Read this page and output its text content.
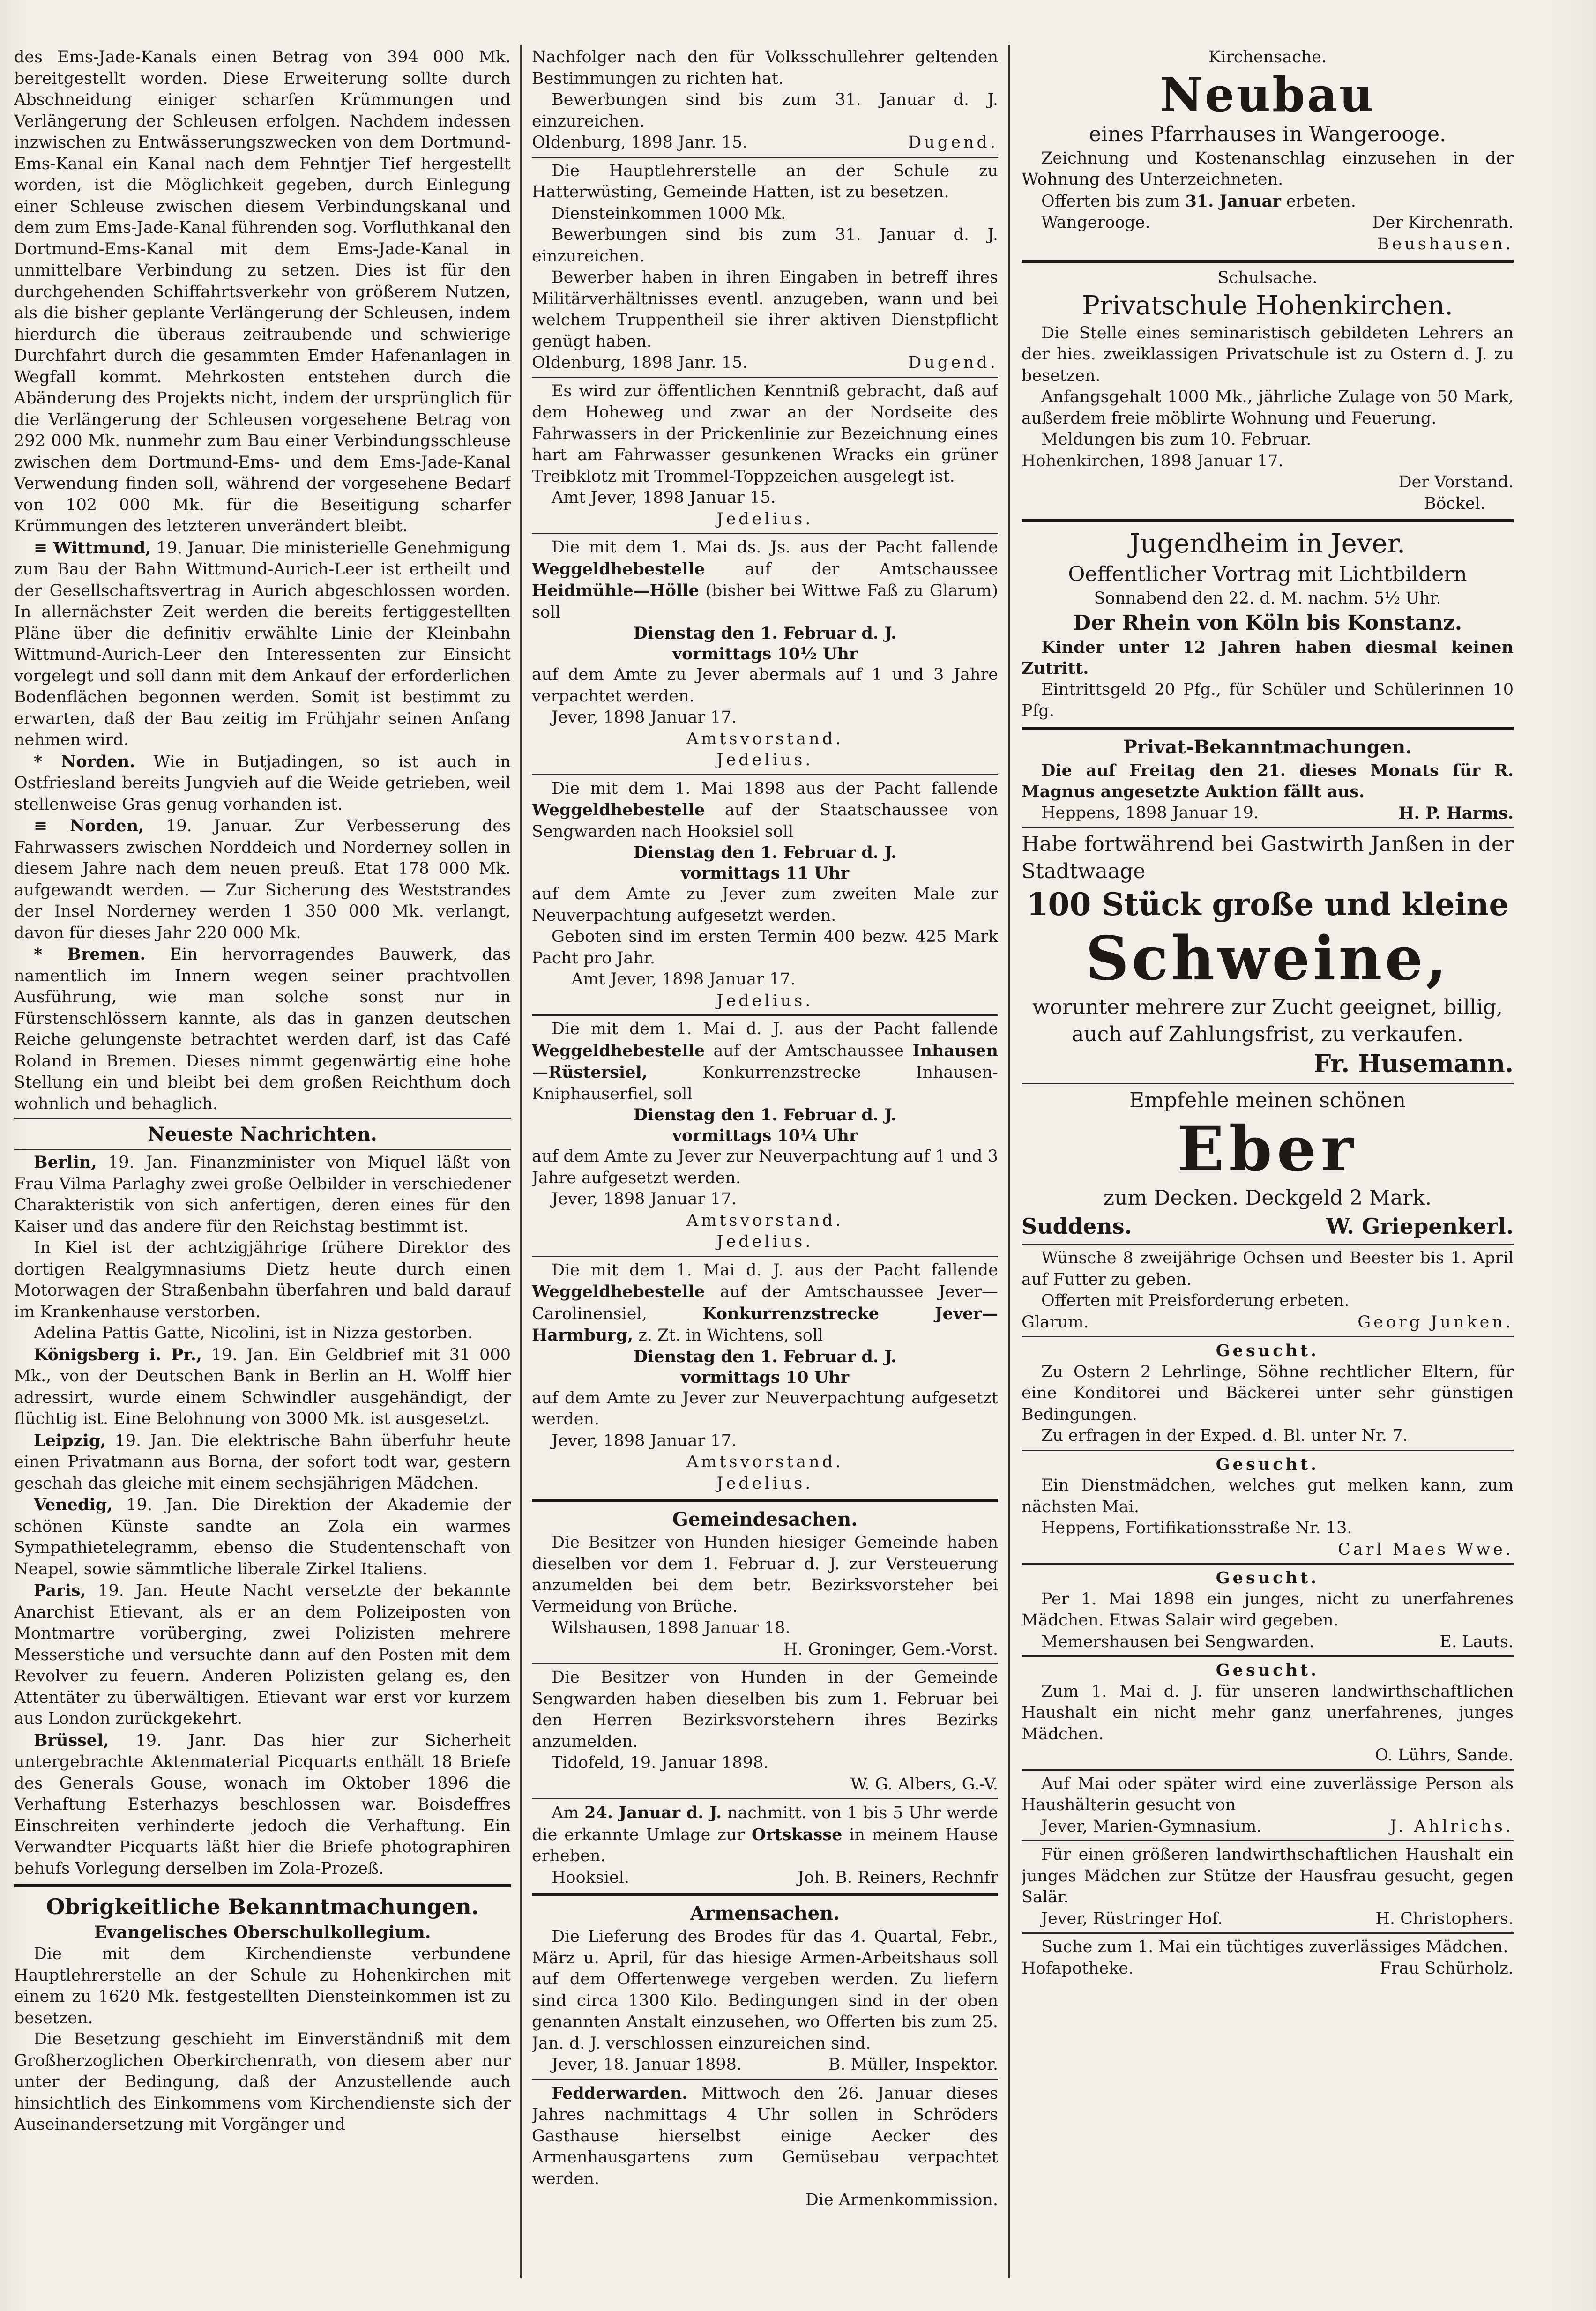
des Ems-Jade-Kanals einen Betrag von 394 000 Mk. bereitgestellt worden. Diese Erweiterung sollte durch Abschneidung einiger scharfen Krümmungen und Verlängerung der Schleusen erfolgen. Nachdem indessen inzwischen zu Entwässerungszwecken von dem Dortmund-Ems-Kanal ein Kanal nach dem Fehntjer Tief hergestellt worden, ist die Möglichkeit gegeben, durch Einlegung einer Schleuse zwischen diesem Verbindungskanal und dem zum Ems-Jade-Kanal führenden sog. Vorfluthkanal den Dortmund-Ems-Kanal mit dem Ems-Jade-Kanal in unmittelbare Verbindung zu setzen. Dies ist für den durchgehenden Schiffahrtsverkehr von größerem Nutzen, als die bisher geplante Verlängerung der Schleusen, indem hierdurch die überaus zeitraubende und schwierige Durchfahrt durch die gesammten Emder Hafenanlagen in Wegfall kommt. Mehrkosten entstehen durch die Abänderung des Projekts nicht, indem der ursprünglich für die Verlängerung der Schleusen vorgesehene Betrag von 292 000 Mk. nunmehr zum Bau einer Verbindungsschleuse zwischen dem Dortmund-Ems- und dem Ems-Jade-Kanal Verwendung finden soll, während der vorgesehene Bedarf von 102 000 Mk. für die Beseitigung scharfer Krümmungen des letzteren unverändert bleibt.

≡ Wittmund, 19. Januar. Die ministerielle Genehmigung zum Bau der Bahn Wittmund-Aurich-Leer ist ertheilt und der Gesellschaftsvertrag in Aurich abgeschlossen worden. In allernächster Zeit werden die bereits fertiggestellten Pläne über die definitiv erwählte Linie der Kleinbahn Wittmund-Aurich-Leer den Interessenten zur Einsicht vorgelegt und soll dann mit dem Ankauf der erforderlichen Bodenflächen begonnen werden. Somit ist bestimmt zu erwarten, daß der Bau zeitig im Frühjahr seinen Anfang nehmen wird.

* Norden. Wie in Butjadingen, so ist auch in Ostfriesland bereits Jungvieh auf die Weide getrieben, weil stellenweise Gras genug vorhanden ist.

≡ Norden, 19. Januar. Zur Verbesserung des Fahrwassers zwischen Norddeich und Norderney sollen in diesem Jahre nach dem neuen preuß. Etat 178 000 Mk. aufgewandt werden. — Zur Sicherung des Weststrandes der Insel Norderney werden 1 350 000 Mk. verlangt, davon für dieses Jahr 220 000 Mk.

* Bremen. Ein hervorragendes Bauwerk, das namentlich im Innern wegen seiner prachtvollen Ausführung, wie man solche sonst nur in Fürstenschlössern kannte, als das in ganzen deutschen Reiche gelungenste betrachtet werden darf, ist das Café Roland in Bremen. Dieses nimmt gegenwärtig eine hohe Stellung ein und bleibt bei dem großen Reichthum doch wohnlich und behaglich.

Neueste Nachrichten.

Berlin, 19. Jan. Finanzminister von Miquel läßt von Frau Vilma Parlaghy zwei große Oelbilder in verschiedener Charakteristik von sich anfertigen, deren eines für den Kaiser und das andere für den Reichstag bestimmt ist.

In Kiel ist der achtzigjährige frühere Direktor des dortigen Realgymnasiums Dietz heute durch einen Motorwagen der Straßenbahn überfahren und bald darauf im Krankenhause verstorben.

Adelina Pattis Gatte, Nicolini, ist in Nizza gestorben.

Königsberg i. Pr., 19. Jan. Ein Geldbrief mit 31 000 Mk., von der Deutschen Bank in Berlin an H. Wolff hier adressirt, wurde einem Schwindler ausgehändigt, der flüchtig ist. Eine Belohnung von 3000 Mk. ist ausgesetzt.

Leipzig, 19. Jan. Die elektrische Bahn überfuhr heute einen Privatmann aus Borna, der sofort todt war, gestern geschah das gleiche mit einem sechsjährigen Mädchen.

Venedig, 19. Jan. Die Direktion der Akademie der schönen Künste sandte an Zola ein warmes Sympathietelegramm, ebenso die Studentenschaft von Neapel, sowie sämmtliche liberale Zirkel Italiens.

Paris, 19. Jan. Heute Nacht versetzte der bekannte Anarchist Etievant, als er an dem Polizeiposten von Montmartre vorüberging, zwei Polizisten mehrere Messerstiche und versuchte dann auf den Posten mit dem Revolver zu feuern. Anderen Polizisten gelang es, den Attentäter zu überwältigen. Etievant war erst vor kurzem aus London zurückgekehrt.

Brüssel, 19. Janr. Das hier zur Sicherheit untergebrachte Aktenmaterial Picquarts enthält 18 Briefe des Generals Gouse, wonach im Oktober 1896 die Verhaftung Esterhazys beschlossen war. Boisdeffres Einschreiten verhinderte jedoch die Verhaftung. Ein Verwandter Picquarts läßt hier die Briefe photographiren behufs Vorlegung derselben im Zola-Prozeß.

Obrigkeitliche Bekanntmachungen.
Evangelisches Oberschulkollegium.

Die mit dem Kirchendienste verbundene Hauptlehrerstelle an der Schule zu Hohenkirchen mit einem zu 1620 Mk. festgestellten Diensteinkommen ist zu besetzen.

Die Besetzung geschieht im Einverständniß mit dem Großherzoglichen Oberkirchenrath, von diesem aber nur unter der Bedingung, daß der Anzustellende auch hinsichtlich des Einkommens vom Kirchendienste sich der Auseinandersetzung mit Vorgänger und

Nachfolger nach den für Volksschullehrer geltenden Bestimmungen zu richten hat.

Bewerbungen sind bis zum 31. Januar d. J. einzureichen.

Oldenburg, 1898 Janr. 15.	Dugend.

Die Hauptlehrerstelle an der Schule zu Hatterwüsting, Gemeinde Hatten, ist zu besetzen.

Diensteinkommen 1000 Mk.

Bewerbungen sind bis zum 31. Januar d. J. einzureichen.

Bewerber haben in ihren Eingaben in betreff ihres Militärverhältnisses eventl. anzugeben, wann und bei welchem Truppentheil sie ihrer aktiven Dienstpflicht genügt haben.

Oldenburg, 1898 Janr. 15.	Dugend.

Es wird zur öffentlichen Kenntniß gebracht, daß auf dem Hoheweg und zwar an der Nordseite des Fahrwassers in der Prickenlinie zur Bezeichnung eines hart am Fahrwasser gesunkenen Wracks ein grüner Treibklotz mit Trommel-Toppzeichen ausgelegt ist.

Amt Jever, 1898 Januar 15.

Jedelius.

Die mit dem 1. Mai ds. Js. aus der Pacht fallende Weggeldhebestelle auf der Amtschaussee Heidmühle—Hölle (bisher bei Wittwe Faß zu Glarum) soll

Dienstag den 1. Februar d. J.
vormittags 10½ Uhr

auf dem Amte zu Jever abermals auf 1 und 3 Jahre verpachtet werden.

Jever, 1898 Januar 17.

Amtsvorstand.
Jedelius.

Die mit dem 1. Mai 1898 aus der Pacht fallende Weggeldhebestelle auf der Staatschaussee von Sengwarden nach Hooksiel soll

Dienstag den 1. Februar d. J.
vormittags 11 Uhr

auf dem Amte zu Jever zum zweiten Male zur Neuverpachtung aufgesetzt werden.

Geboten sind im ersten Termin 400 bezw. 425 Mark Pacht pro Jahr.

Amt Jever, 1898 Januar 17.

Jedelius.

Die mit dem 1. Mai d. J. aus der Pacht fallende Weggeldhebestelle auf der Amtschaussee Inhausen—Rüstersiel, Konkurrenzstrecke Inhausen-Kniphauserfiel, soll

Dienstag den 1. Februar d. J.
vormittags 10¼ Uhr

auf dem Amte zu Jever zur Neuverpachtung auf 1 und 3 Jahre aufgesetzt werden.

Jever, 1898 Januar 17.

Amtsvorstand.
Jedelius.

Die mit dem 1. Mai d. J. aus der Pacht fallende Weggeldhebestelle auf der Amtschaussee Jever—Carolinensiel, Konkurrenzstrecke Jever—Harmburg, z. Zt. in Wichtens, soll

Dienstag den 1. Februar d. J.
vormittags 10 Uhr

auf dem Amte zu Jever zur Neuverpachtung aufgesetzt werden.

Jever, 1898 Januar 17.

Amtsvorstand.
Jedelius.
Gemeindesachen.

Die Besitzer von Hunden hiesiger Gemeinde haben dieselben vor dem 1. Februar d. J. zur Versteuerung anzumelden bei dem betr. Bezirksvorsteher bei Vermeidung von Brüche.

Wilshausen, 1898 Januar 18.

H. Groninger, Gem.-Vorst.

Die Besitzer von Hunden in der Gemeinde Sengwarden haben dieselben bis zum 1. Februar bei den Herren Bezirksvorstehern ihres Bezirks anzumelden.

Tidofeld, 19. Januar 1898.

W. G. Albers, G.-V.

Am 24. Januar d. J. nachmitt. von 1 bis 5 Uhr werde die erkannte Umlage zur Ortskasse in meinem Hause erheben.

Hooksiel.	Joh. B. Reiners, Rechnfr
Armensachen.

Die Lieferung des Brodes für das 4. Quartal, Febr., März u. April, für das hiesige Armen-Arbeitshaus soll auf dem Offertenwege vergeben werden. Zu liefern sind circa 1300 Kilo. Bedingungen sind in der oben genannten Anstalt einzusehen, wo Offerten bis zum 25. Jan. d. J. verschlossen einzureichen sind.

Jever, 18. Januar 1898.	B. Müller, Inspektor.

Fedderwarden. Mittwoch den 26. Januar dieses Jahres nachmittags 4 Uhr sollen in Schröders Gasthause hierselbst einige Aecker des Armenhausgartens zum Gemüsebau verpachtet werden.

Die Armenkommission.
Kirchensache.
Neubau
eines Pfarrhauses in Wangerooge.

Zeichnung und Kostenanschlag einzusehen in der Wohnung des Unterzeichneten.

Offerten bis zum 31. Januar erbeten.

Wangerooge.	Der Kirchenrath.
Beushausen.
Schulsache.
Privatschule Hohenkirchen.

Die Stelle eines seminaristisch gebildeten Lehrers an der hies. zweiklassigen Privatschule ist zu Ostern d. J. zu besetzen.

Anfangsgehalt 1000 Mk., jährliche Zulage von 50 Mark, außerdem freie möblirte Wohnung und Feuerung.

Meldungen bis zum 10. Februar.

Hohenkirchen, 1898 Januar 17.

Der Vorstand.
Böckel.
Jugendheim in Jever.
Oeffentlicher Vortrag mit Lichtbildern
Sonnabend den 22. d. M. nachm. 5½ Uhr.
Der Rhein von Köln bis Konstanz.

Kinder unter 12 Jahren haben diesmal keinen Zutritt.

Eintrittsgeld 20 Pfg., für Schüler und Schülerinnen 10 Pfg.

Privat-Bekanntmachungen.

Die auf Freitag den 21. dieses Monats für R. Magnus angesetzte Auktion fällt aus.

Heppens, 1898 Januar 19.	H. P. Harms.
Habe fortwährend bei Gastwirth Janßen in der Stadtwaage
100 Stück große und kleine
Schweine,
worunter mehrere zur Zucht geeignet, billig, auch auf Zahlungsfrist, zu verkaufen.
Fr. Husemann.
Empfehle meinen schönen
Eber
zum Decken. Deckgeld 2 Mark.
Suddens.	W. Griepenkerl.

Wünsche 8 zweijährige Ochsen und Beester bis 1. April auf Futter zu geben.

Offerten mit Preisforderung erbeten.

Glarum.	Georg Junken.
Gesucht.

Zu Ostern 2 Lehrlinge, Söhne rechtlicher Eltern, für eine Konditorei und Bäckerei unter sehr günstigen Bedingungen.

Zu erfragen in der Exped. d. Bl. unter Nr. 7.

Gesucht.

Ein Dienstmädchen, welches gut melken kann, zum nächsten Mai.

Heppens, Fortifikationsstraße Nr. 13.

Carl Maes Wwe.
Gesucht.

Per 1. Mai 1898 ein junges, nicht zu unerfahrenes Mädchen. Etwas Salair wird gegeben.

Memershausen bei Sengwarden.	E. Lauts.
Gesucht.

Zum 1. Mai d. J. für unseren landwirthschaftlichen Haushalt ein nicht mehr ganz unerfahrenes, junges Mädchen.

O. Lührs, Sande.

Auf Mai oder später wird eine zuverlässige Person als Haushälterin gesucht von

Jever, Marien-Gymnasium.	J. Ahlrichs.

Für einen größeren landwirthschaftlichen Haushalt ein junges Mädchen zur Stütze der Hausfrau gesucht, gegen Salär.

Jever, Rüstringer Hof.	H. Christophers.

Suche zum 1. Mai ein tüchtiges zuverlässiges Mädchen.

Hofapotheke.	Frau Schürholz.
